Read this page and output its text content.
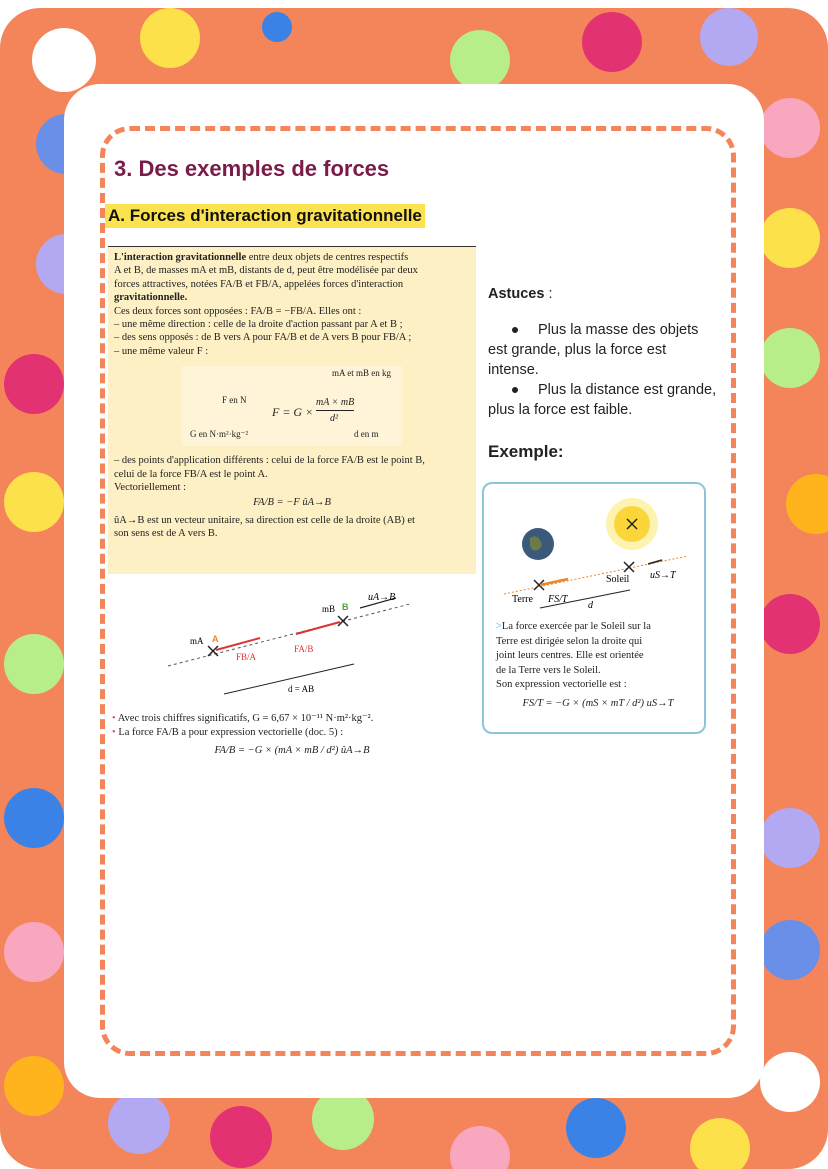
3. Des exemples de forces
A. Forces d'interaction gravitationnelle

L'interaction gravitationnelle entre deux objets de centres respectifs

A et B, de masses mA et mB, distants de d, peut être modélisée par deux

forces attractives, notées FA/B et FB/A, appelées forces d'interaction

gravitationnelle.

Ces deux forces sont opposées : FA/B = −FB/A. Elles ont :

– une même direction : celle de la droite d'action passant par A et B ;

– des sens opposés : de B vers A pour FA/B et de A vers B pour FB/A ;

– une même valeur F :

mA et mB en kg
F en N
F = G ×
mA × mB
d²
G en N·m²·kg⁻²	d en m

– des points d'application différents : celui de la force FA/B est le point B,

celui de la force FB/A est le point A.

Vectoriellement :

FA/B = −F ûA→B

ûA→B est un vecteur unitaire, sa direction est celle de la droite (AB) et

son sens est de A vers B.

uA→B
mA A
mB B
FB/A
FA/B
d = AB
• Avec trois chiffres significatifs, G = 6,67 × 10⁻¹¹ N·m²·kg⁻².
• La force FA/B a pour expression vectorielle (doc. 5) :
FA/B = −G × (mA × mB / d²) ûA→B
Astuces :
Plus la masse des objets
est grande, plus la force est
intense.
Plus la distance est grande,
plus la force est faible.
Exemple:
Terre
Soleil
FS/T
uS→T
d
>La force exercée par le Soleil sur la
Terre est dirigée selon la droite qui
joint leurs centres. Elle est orientée
de la Terre vers le Soleil.
Son expression vectorielle est :
FS/T = −G × (mS × mT / d²) uS→T
